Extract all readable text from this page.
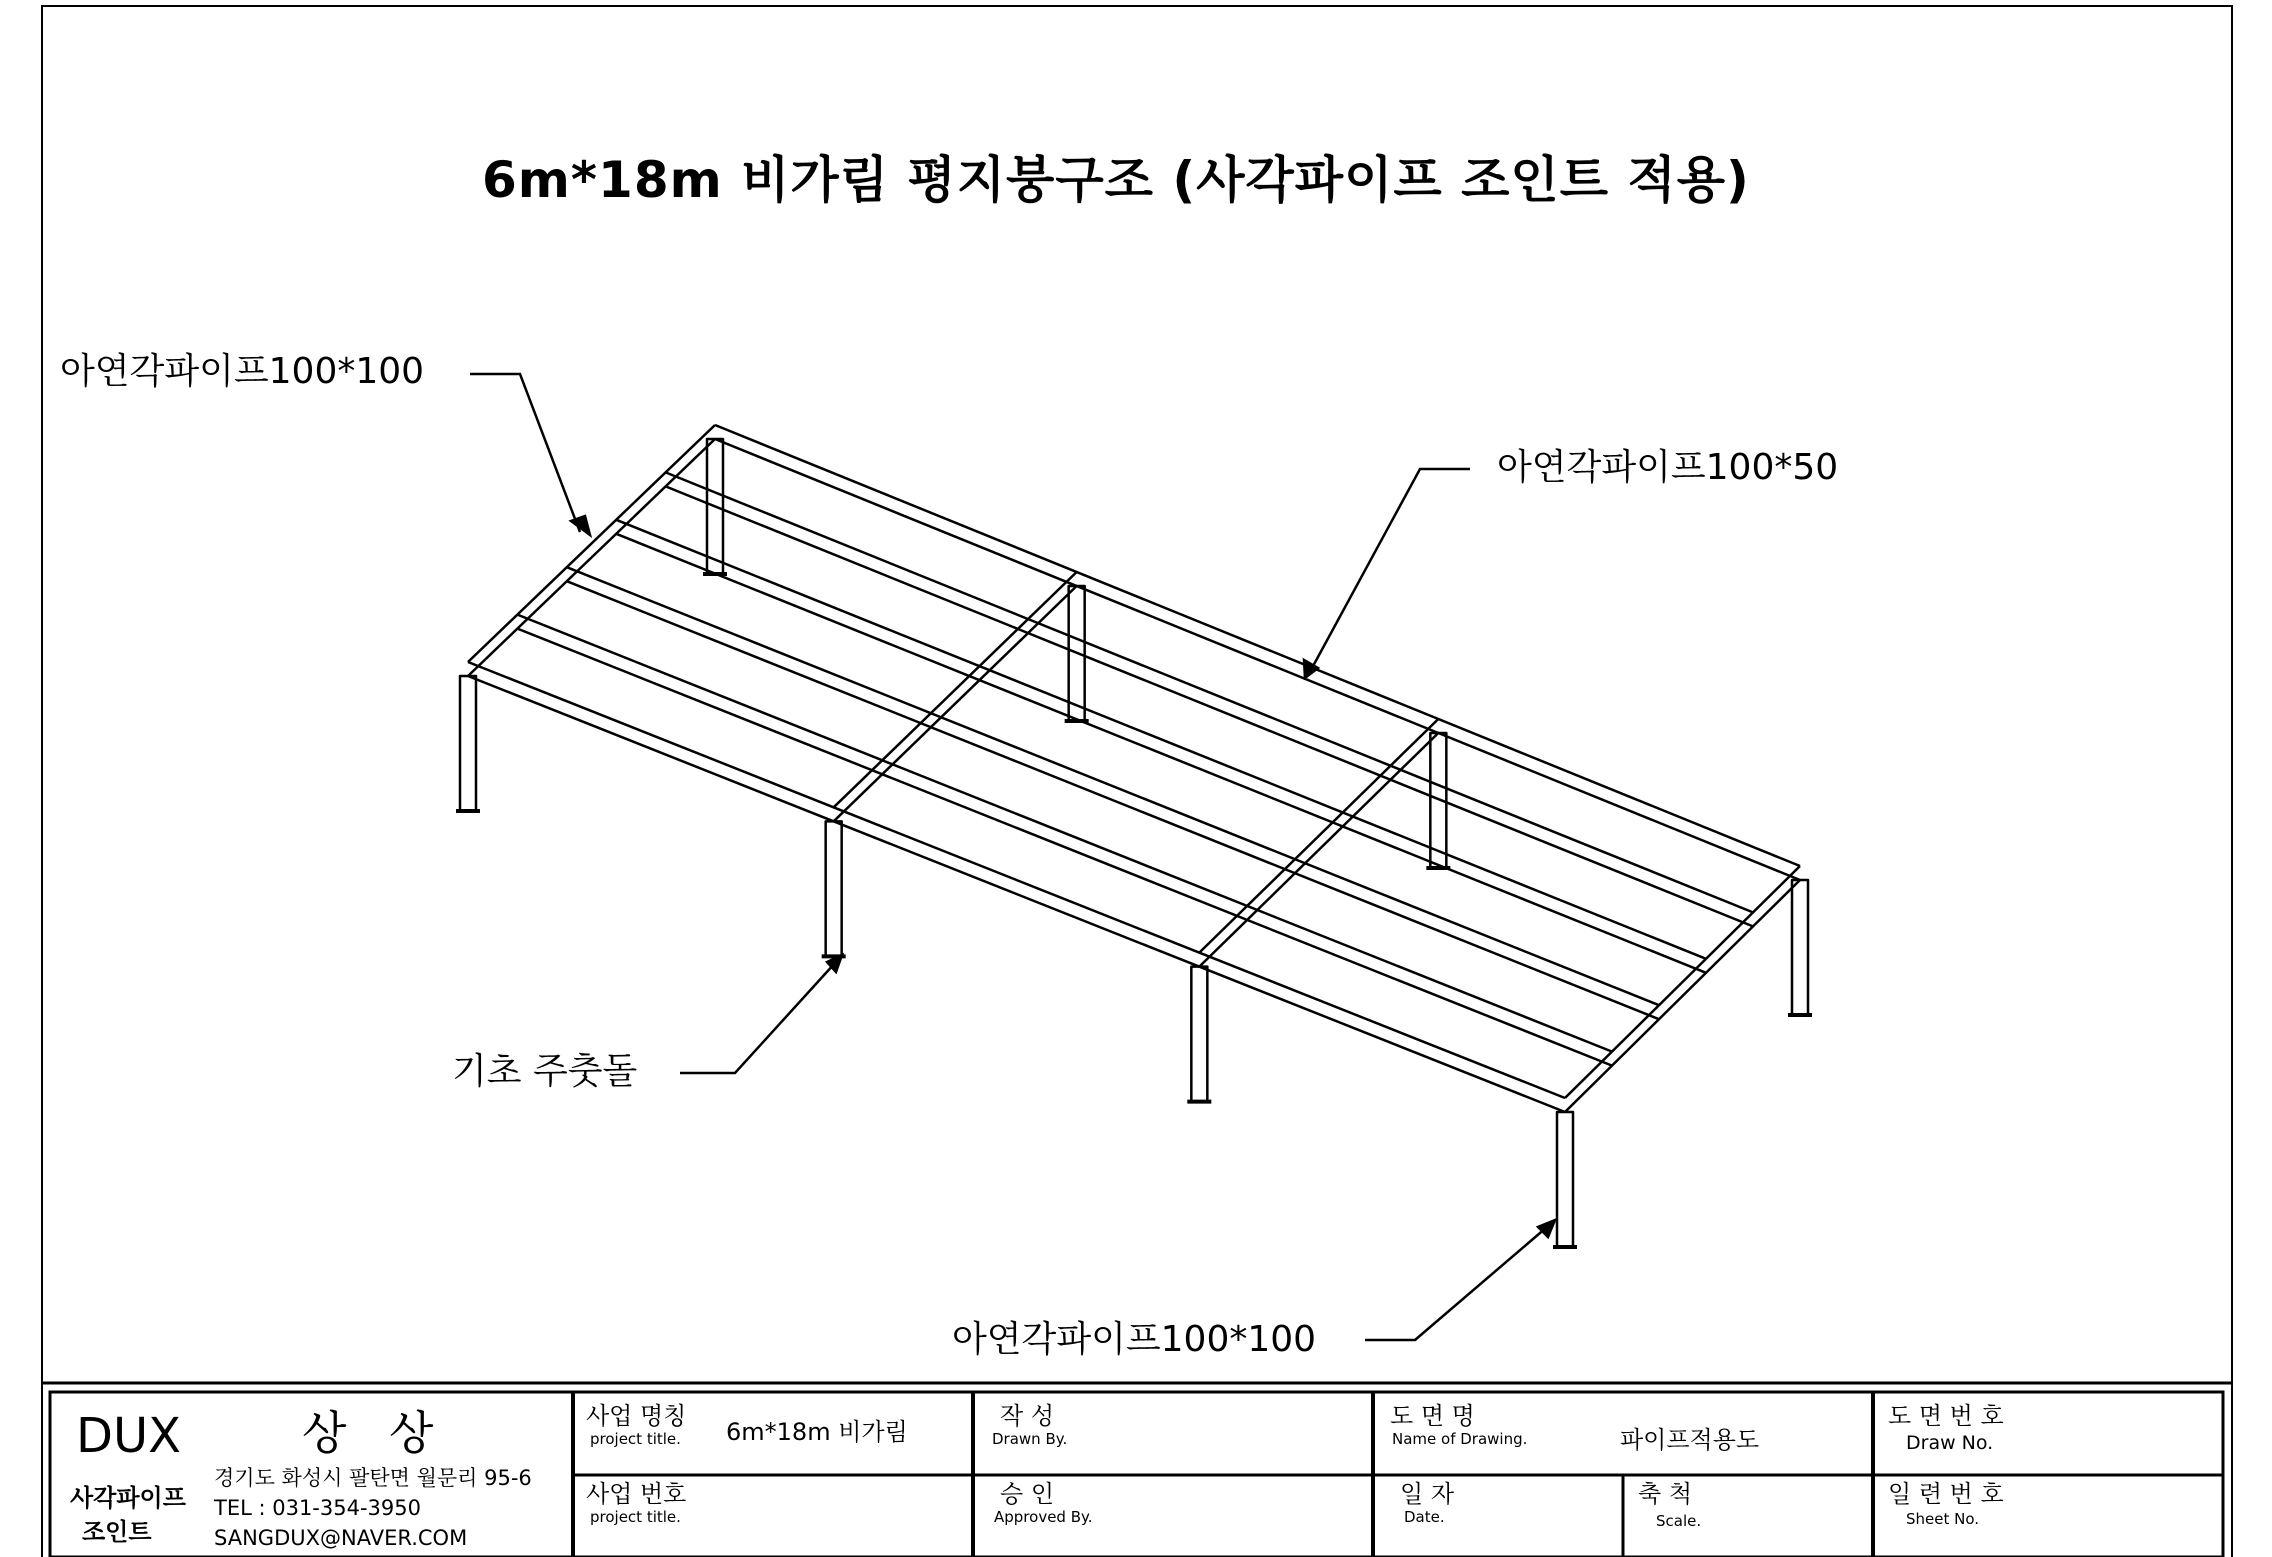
6m*18m 비가림 평지붕구조 (사각파이프 조인트 적용)
아연각파이프100*100
아연각파이프100*50
기초 주춧돌
아연각파이프100*100
DUX	상 상
사각파이프
조인트
경기도 화성시 팔탄면 월문리 95-6
TEL : 031-354-3950
SANGDUX@NAVER.COM
사업 명칭
project title. 6m*18m 비가림
사업 번호
project title.
작 성
Drawn By.
승 인
Approved By.
도 면 명
Name of Drawing.	파이프적용도
일 자
Date.
축 척
Scale.
도 면 번 호
Draw No.
일 련 번 호
Sheet No.
